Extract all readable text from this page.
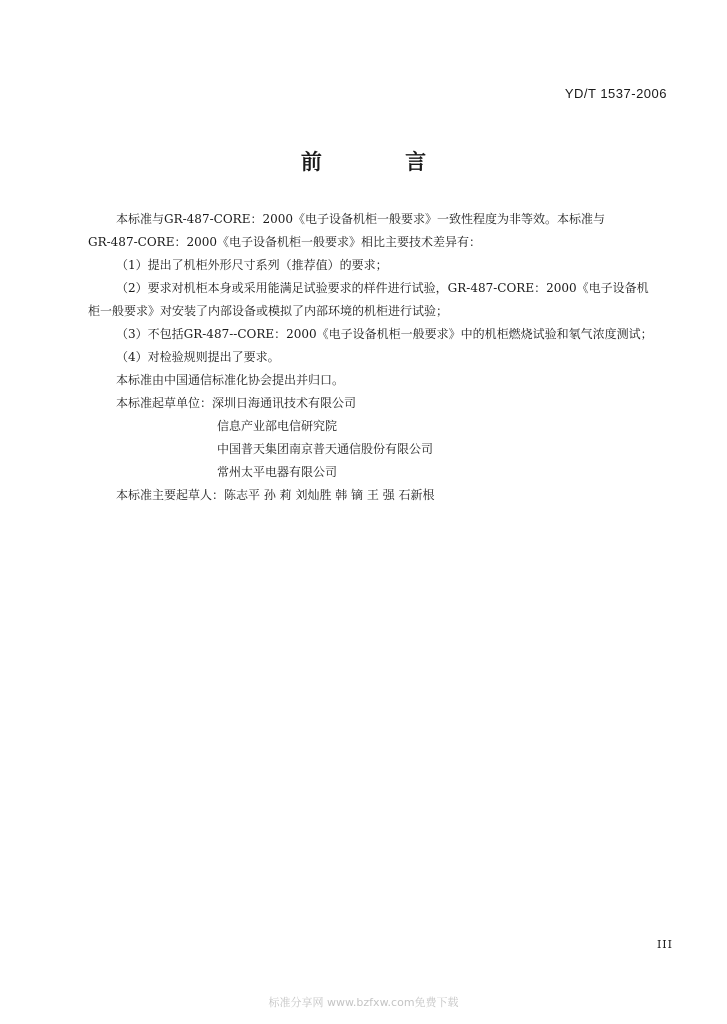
YD/T 1537-2006
前 言

本标准与GR-487-CORE：2000《电子设备机柜一般要求》一致性程度为非等效。本标准与

GR-487-CORE：2000《电子设备机柜一般要求》相比主要技术差异有：

（1）提出了机柜外形尺寸系列（推荐值）的要求；

（2）要求对机柜本身或采用能满足试验要求的样件进行试验，GR-487-CORE：2000《电子设备机

柜一般要求》对安装了内部设备或模拟了内部环境的机柜进行试验；

（3）不包括GR-487--CORE：2000《电子设备机柜一般要求》中的机柜燃烧试验和氡气浓度测试；

（4）对检验规则提出了要求。

本标准由中国通信标准化协会提出并归口。

本标准起草单位：深圳日海通讯技术有限公司

信息产业部电信研究院

中国普天集团南京普天通信股份有限公司

常州太平电器有限公司

本标准主要起草人：陈志平 孙 莉 刘灿胜 韩 镝 王 强 石新根

III
标准分享网 www.bzfxw.com免费下载
